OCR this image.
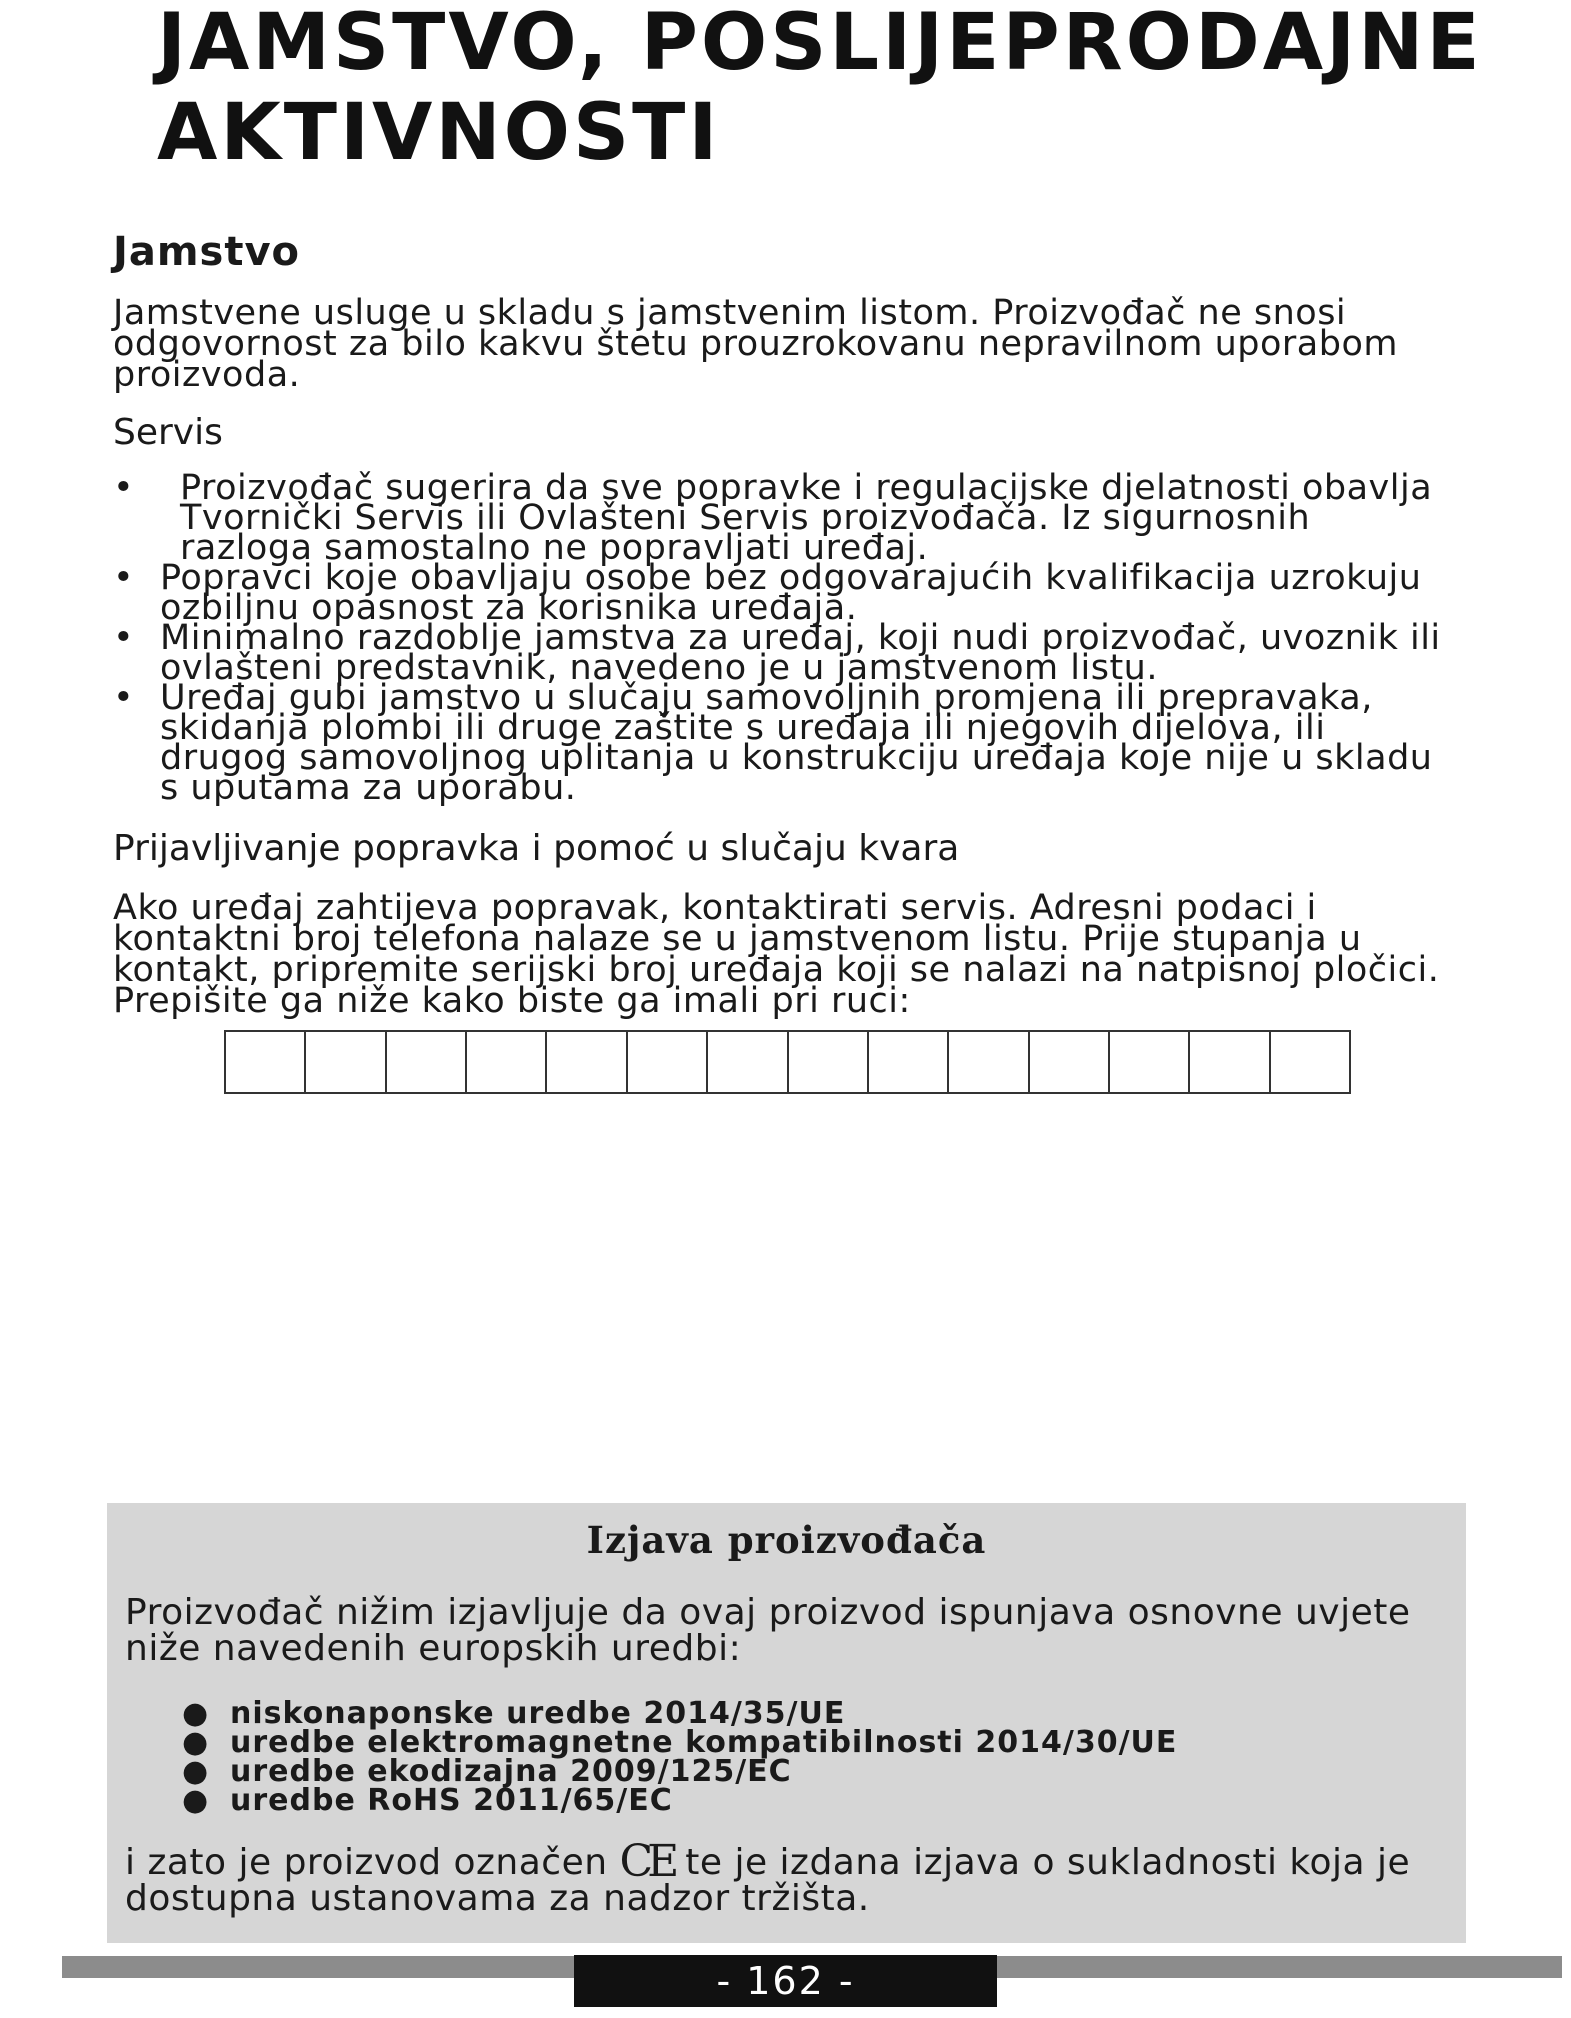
JAMSTVO, POSLIJEPRODAJNE
AKTIVNOSTI
Jamstvo

Jamstvene usluge u skladu s jamstvenim listom. Proizvođač ne snosi odgovornost za bilo kakvu štetu prouzrokovanu nepravilnom uporabom proizvoda.

Servis

• Proizvođač sugerira da sve popravke i regulacijske djelatnosti obavlja Tvornički Servis ili Ovlašteni Servis proizvođača. Iz sigurnosnih razloga samostalno ne popravljati uređaj.
• Popravci koje obavljaju osobe bez odgovarajućih kvalifikacija uzrokuju ozbiljnu opasnost za korisnika uređaja.
• Minimalno razdoblje jamstva za uređaj, koji nudi proizvođač, uvoznik ili ovlašteni predstavnik, navedeno je u jamstvenom listu.
• Uređaj gubi jamstvo u slučaju samovoljnih promjena ili prepravaka, skidanja plombi ili druge zaštite s uređaja ili njegovih dijelova, ili drugog samovoljnog uplitanja u konstrukciju uređaja koje nije u skladu s uputama za uporabu.

Prijavljivanje popravka i pomoć u slučaju kvara

Ako uređaj zahtijeva popravak, kontaktirati servis. Adresni podaci i kontaktni broj telefona nalaze se u jamstvenom listu. Prije stupanja u kontakt, pripremite serijski broj uređaja koji se nalazi na natpisnoj pločici. Prepišite ga niže kako biste ga imali pri ruci:

Izjava proizvođača

Proizvođač nižim izjavljuje da ovaj proizvod ispunjava osnovne uvjete niže navedenih europskih uredbi:

● niskonaponske uredbe 2014/35/UE
● uredbe elektromagnetne kompatibilnosti 2014/30/UE
● uredbe ekodizajna 2009/125/EC
● uredbe RoHS 2011/65/EC

i zato je proizvod označen CE te je izdana izjava o sukladnosti koja je dostupna ustanovama za nadzor tržišta.

- 162 -
